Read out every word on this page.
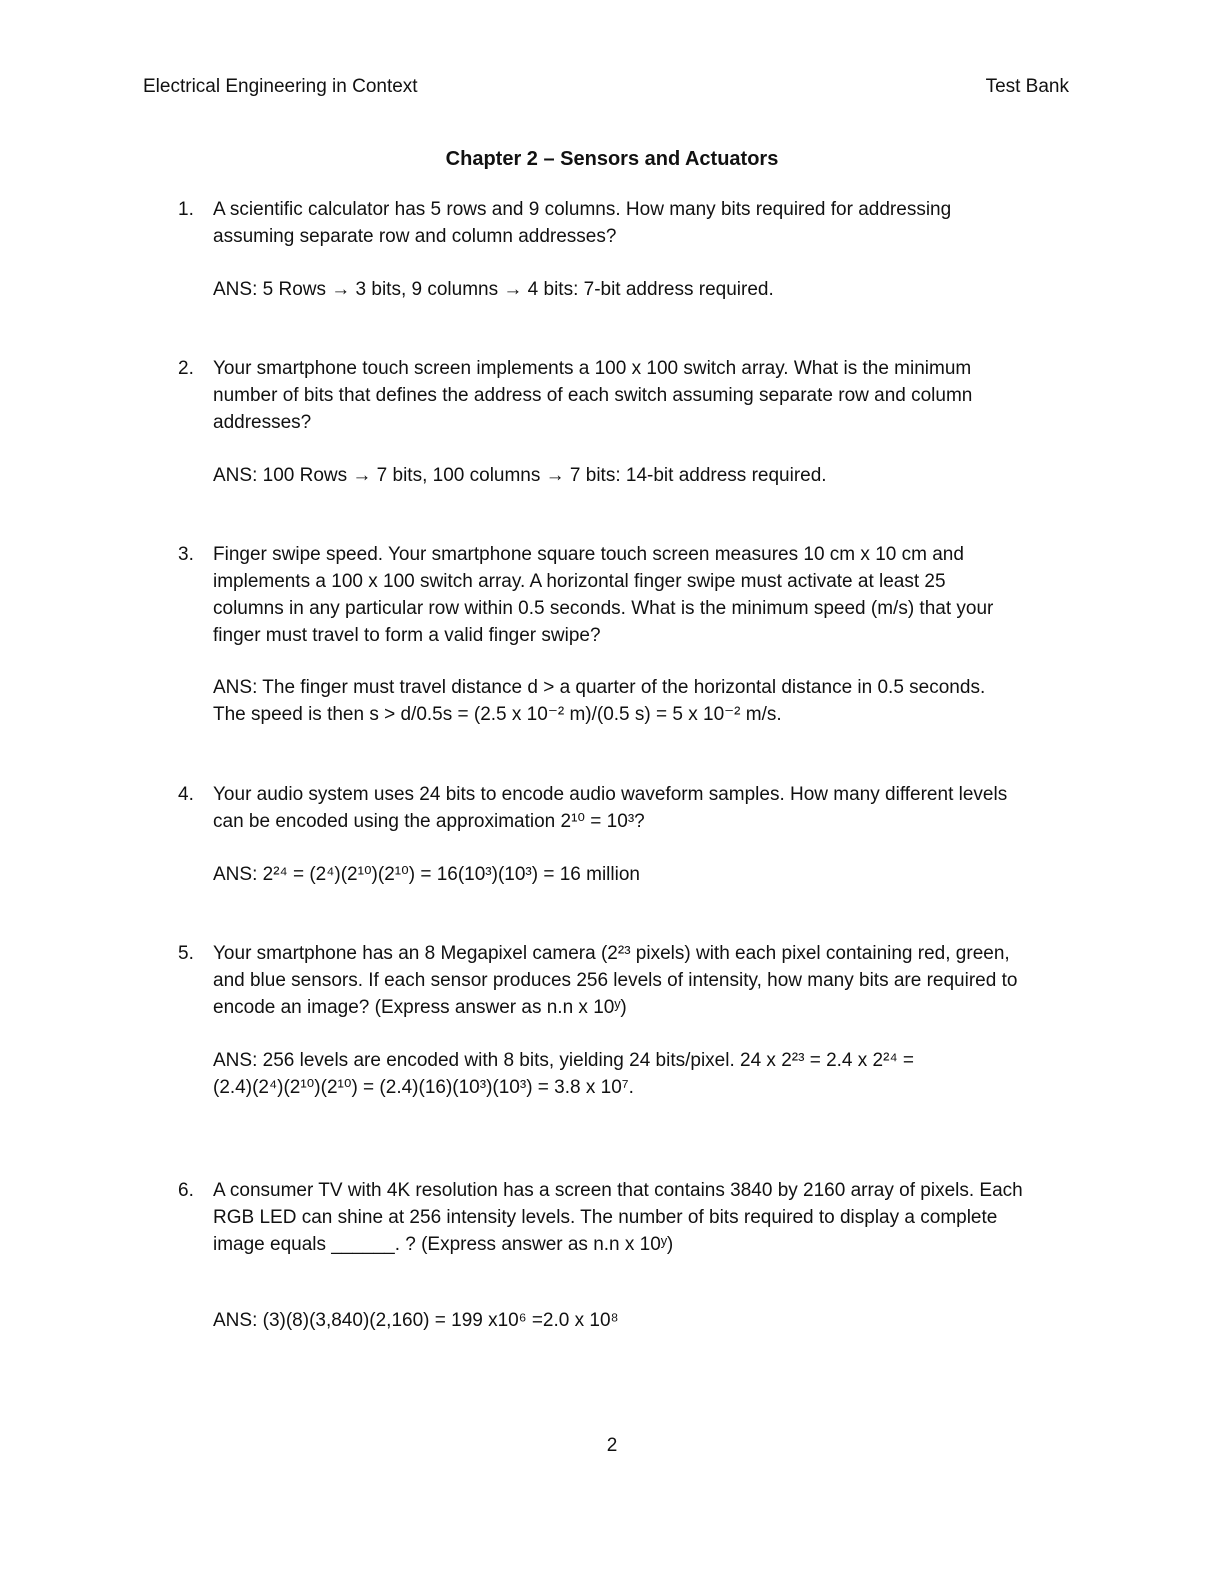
Electrical Engineering in Context	Test Bank
Chapter 2 – Sensors and Actuators
1. A scientific calculator has 5 rows and 9 columns. How many bits required for addressing
assuming separate row and column addresses?
ANS: 5 Rows → 3 bits, 9 columns → 4 bits: 7-bit address required.
2. Your smartphone touch screen implements a 100 x 100 switch array. What is the minimum
number of bits that defines the address of each switch assuming separate row and column
addresses?
ANS: 100 Rows → 7 bits, 100 columns → 7 bits: 14-bit address required.
3. Finger swipe speed. Your smartphone square touch screen measures 10 cm x 10 cm and
implements a 100 x 100 switch array. A horizontal finger swipe must activate at least 25
columns in any particular row within 0.5 seconds. What is the minimum speed (m/s) that your
finger must travel to form a valid finger swipe?
ANS: The finger must travel distance d > a quarter of the horizontal distance in 0.5 seconds.
The speed is then s > d/0.5s = (2.5 x 10⁻² m)/(0.5 s) = 5 x 10⁻² m/s.
4. Your audio system uses 24 bits to encode audio waveform samples. How many different levels
can be encoded using the approximation 2¹⁰ = 10³?
ANS: 2²⁴ = (2⁴)(2¹⁰)(2¹⁰) = 16(10³)(10³) = 16 million
5. Your smartphone has an 8 Megapixel camera (2²³ pixels) with each pixel containing red, green,
and blue sensors. If each sensor produces 256 levels of intensity, how many bits are required to
encode an image? (Express answer as n.n x 10ʸ)
ANS: 256 levels are encoded with 8 bits, yielding 24 bits/pixel. 24 x 2²³ = 2.4 x 2²⁴ =
(2.4)(2⁴)(2¹⁰)(2¹⁰) = (2.4)(16)(10³)(10³) = 3.8 x 10⁷.
6. A consumer TV with 4K resolution has a screen that contains 3840 by 2160 array of pixels. Each
RGB LED can shine at 256 intensity levels. The number of bits required to display a complete
image equals ______. ? (Express answer as n.n x 10ʸ)
ANS: (3)(8)(3,840)(2,160) = 199 x10⁶ =2.0 x 10⁸
2
